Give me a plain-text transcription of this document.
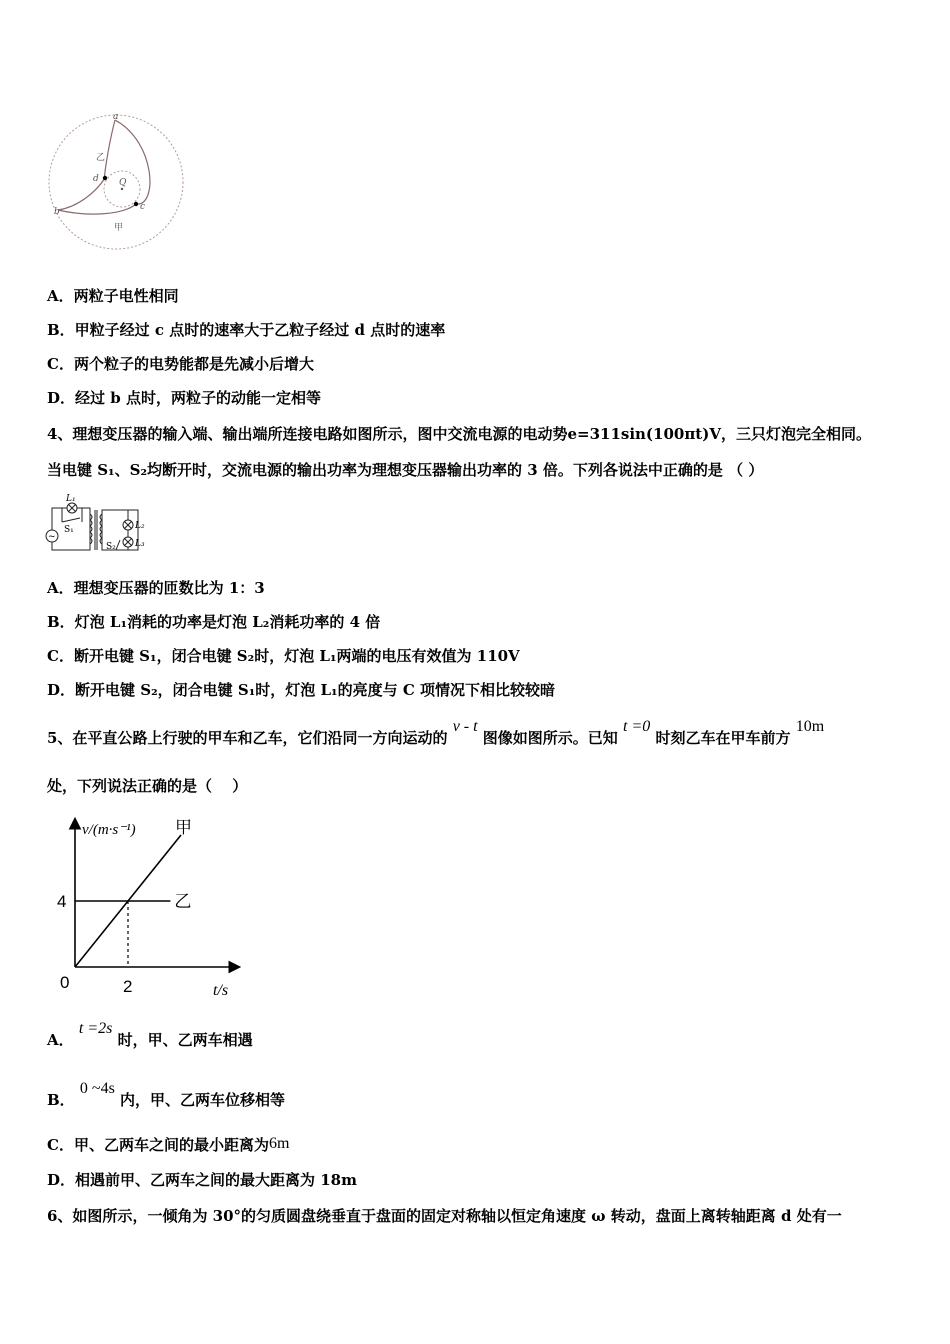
a
乙
d Q
b	c
甲
A．两粒子电性相同
B．甲粒子经过 c 点时的速率大于乙粒子经过 d 点时的速率
C．两个粒子的电势能都是先减小后增大
D．经过 b 点时，两粒子的动能一定相等
4、理想变压器的输入端、输出端所连接电路如图所示，图中交流电源的电动势e=311sin(100πt)V，三只灯泡完全相同。
当电键 S₁、S₂均断开时，交流电源的输出功率为理想变压器输出功率的 3 倍。下列各说法中正确的是 （ ）
L₁
S₁
~
L₂
L₃
S₂
A．理想变压器的匝数比为 1：3
B．灯泡 L₁消耗的功率是灯泡 L₂消耗功率的 4 倍
C．断开电键 S₁，闭合电键 S₂时，灯泡 L₁两端的电压有效值为 110V
D．断开电键 S₂，闭合电键 S₁时，灯泡 L₁的亮度与 C 项情况下相比较较暗
5、在平直公路上行驶的甲车和乙车，它们沿同一方向运动的 v - t 图像如图所示。已知 t =0 时刻乙车在甲车前方 10m
处，下列说法正确的是（ 　）
v/(m·s⁻¹)
t/s
0	2
4
甲
乙
A． t =2s 时，甲、乙两车相遇
B． 0 ~4s 内，甲、乙两车位移相等
C．甲、乙两车之间的最小距离为6m
D．相遇前甲、乙两车之间的最大距离为 18m
6、如图所示，一倾角为 30°的匀质圆盘绕垂直于盘面的固定对称轴以恒定角速度 ω 转动，盘面上离转轴距离 d 处有一
